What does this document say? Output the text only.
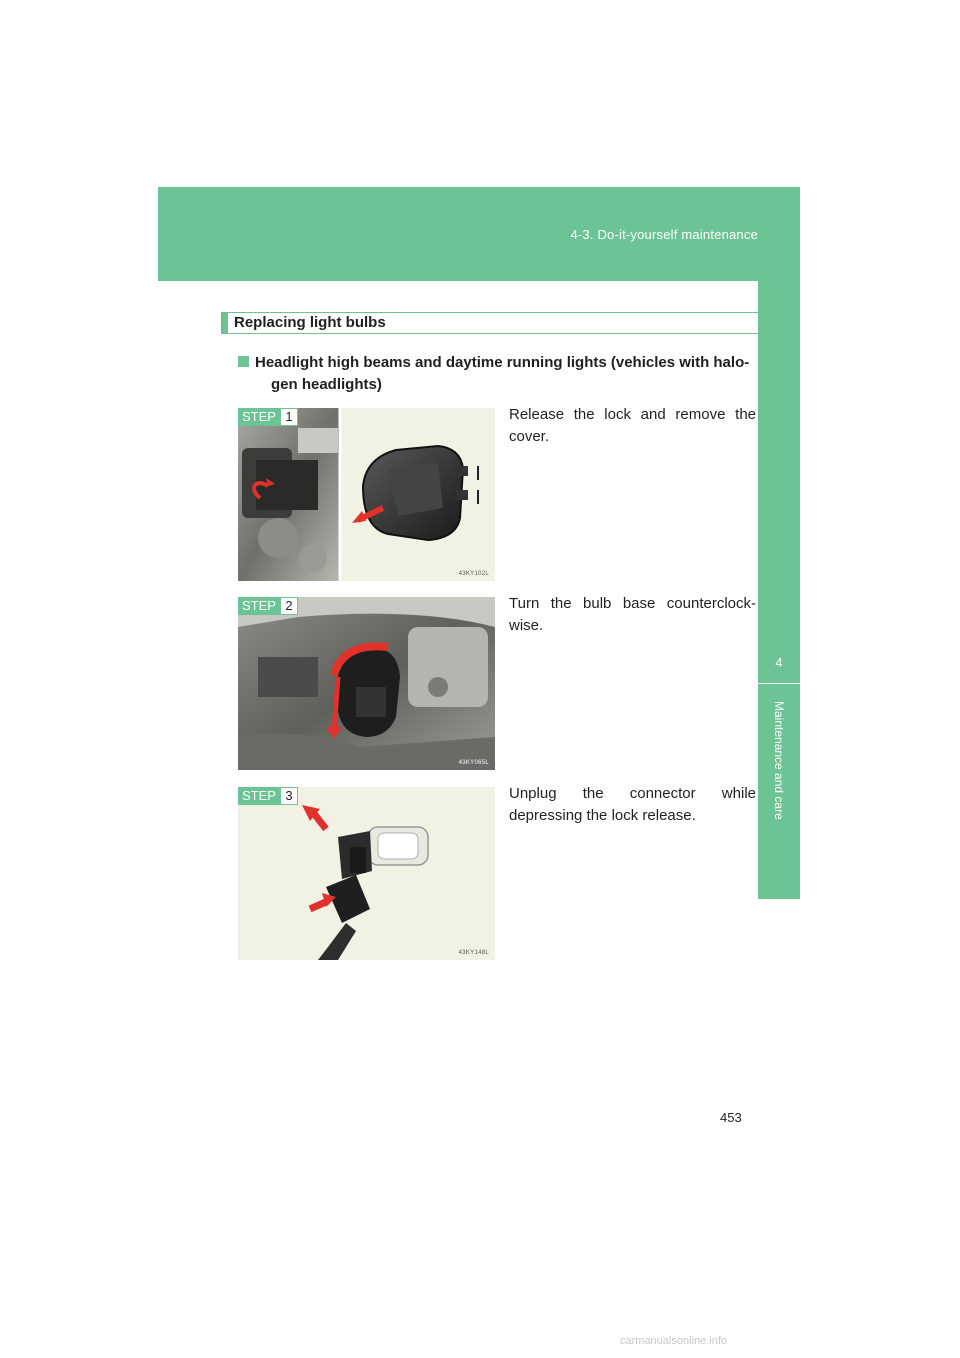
4-3. Do-it-yourself maintenance
4
Maintenance and care
Replacing light bulbs
Headlight high beams and daytime running lights (vehicles with halo-
gen headlights)
STEP 1
43KY102L
Release the lock and remove the cover.
STEP 2
43KY065L
Turn the bulb base counterclock-wise.
STEP 3
43KY148L
Unplug the connector while depressing the lock release.
453
carmanualsonline.info
